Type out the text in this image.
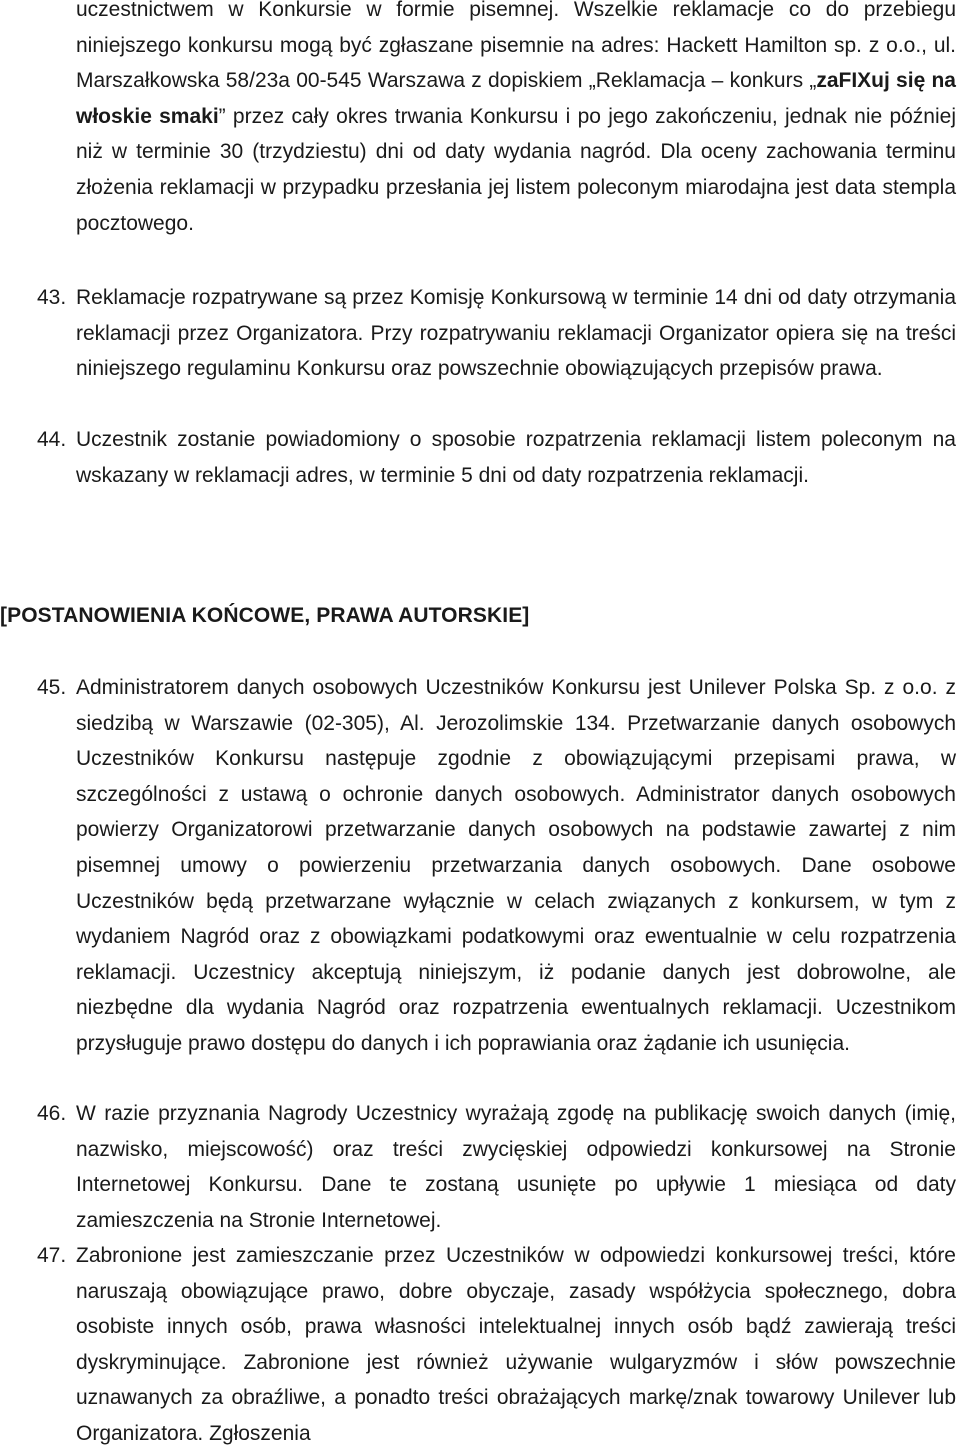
uczestnictwem w Konkursie w formie pisemnej. Wszelkie reklamacje co do przebiegu niniejszego konkursu mogą być zgłaszane pisemnie na adres: Hackett Hamilton sp. z o.o., ul. Marszałkowska 58/23a 00-545 Warszawa z dopiskiem „Reklamacja – konkurs „zaFIXuj się na włoskie smaki” przez cały okres trwania Konkursu i po jego zakończeniu, jednak nie później niż w terminie 30 (trzydziestu) dni od daty wydania nagród. Dla oceny zachowania terminu złożenia reklamacji w przypadku przesłania jej listem poleconym miarodajna jest data stempla pocztowego.

43. Reklamacje rozpatrywane są przez Komisję Konkursową w terminie 14 dni od daty otrzymania reklamacji przez Organizatora. Przy rozpatrywaniu reklamacji Organizator opiera się na treści niniejszego regulaminu Konkursu oraz powszechnie obowiązujących przepisów prawa.
44. Uczestnik zostanie powiadomiony o sposobie rozpatrzenia reklamacji listem poleconym na wskazany w reklamacji adres, w terminie 5 dni od daty rozpatrzenia reklamacji.
[POSTANOWIENIA KOŃCOWE, PRAWA AUTORSKIE]
45. Administratorem danych osobowych Uczestników Konkursu jest Unilever Polska Sp. z o.o. z siedzibą w Warszawie (02-305), Al. Jerozolimskie 134. Przetwarzanie danych osobowych Uczestników Konkursu następuje zgodnie z obowiązującymi przepisami prawa, w szczególności z ustawą o ochronie danych osobowych. Administrator danych osobowych powierzy Organizatorowi przetwarzanie danych osobowych na podstawie zawartej z nim pisemnej umowy o powierzeniu przetwarzania danych osobowych. Dane osobowe Uczestników będą przetwarzane wyłącznie w celach związanych z konkursem, w tym z wydaniem Nagród oraz z obowiązkami podatkowymi oraz ewentualnie w celu rozpatrzenia reklamacji. Uczestnicy akceptują niniejszym, iż podanie danych jest dobrowolne, ale niezbędne dla wydania Nagród oraz rozpatrzenia ewentualnych reklamacji. Uczestnikom przysługuje prawo dostępu do danych i ich poprawiania oraz żądanie ich usunięcia.
46. W razie przyznania Nagrody Uczestnicy wyrażają zgodę na publikację swoich danych (imię, nazwisko, miejscowość) oraz treści zwycięskiej odpowiedzi konkursowej na Stronie Internetowej Konkursu. Dane te zostaną usunięte po upływie 1 miesiąca od daty zamieszczenia na Stronie Internetowej.
47. Zabronione jest zamieszczanie przez Uczestników w odpowiedzi konkursowej treści, które naruszają obowiązujące prawo, dobre obyczaje, zasady współżycia społecznego, dobra osobiste innych osób, prawa własności intelektualnej innych osób bądź zawierają treści dyskryminujące. Zabronione jest również używanie wulgaryzmów i słów powszechnie uznawanych za obraźliwe, a ponadto treści obrażających markę/znak towarowy Unilever lub Organizatora. Zgłoszenia
